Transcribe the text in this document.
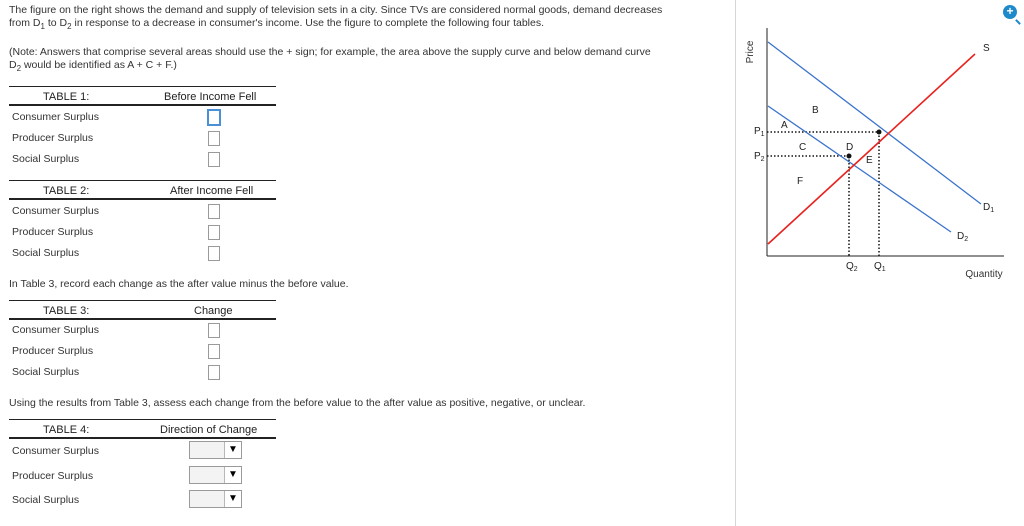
The figure on the right shows the demand and supply of television sets in a city. Since TVs are considered normal goods, demand decreases
from $D_1$ to $D_2$ in response to a decrease in consumer's income. Use the figure to complete the following four tables.
(Note: Answers that comprise several areas should use the + sign; for example, the area above the supply curve and below demand curve
$D_2$ would be identified as A + C + F.)
TABLE 1:	Before Income Fell
Consumer Surplus
Producer Surplus
Social Surplus
TABLE 2:	After Income Fell
Consumer Surplus
Producer Surplus
Social Surplus
In Table 3, record each change as the after value minus the before value.
TABLE 3:	Change
Consumer Surplus
Producer Surplus
Social Surplus
Using the results from Table 3, assess each change from the before value to the after value as positive, negative, or unclear.
TABLE 4:	Direction of Change
Consumer Surplus
Producer Surplus
Social Surplus
▼
▼
▼
Price
Quantity
S
$D_1$
$D_2$
$P_1$
$P_2$
$Q_2$ $Q_1$
A
B
C	D
E
F
+
